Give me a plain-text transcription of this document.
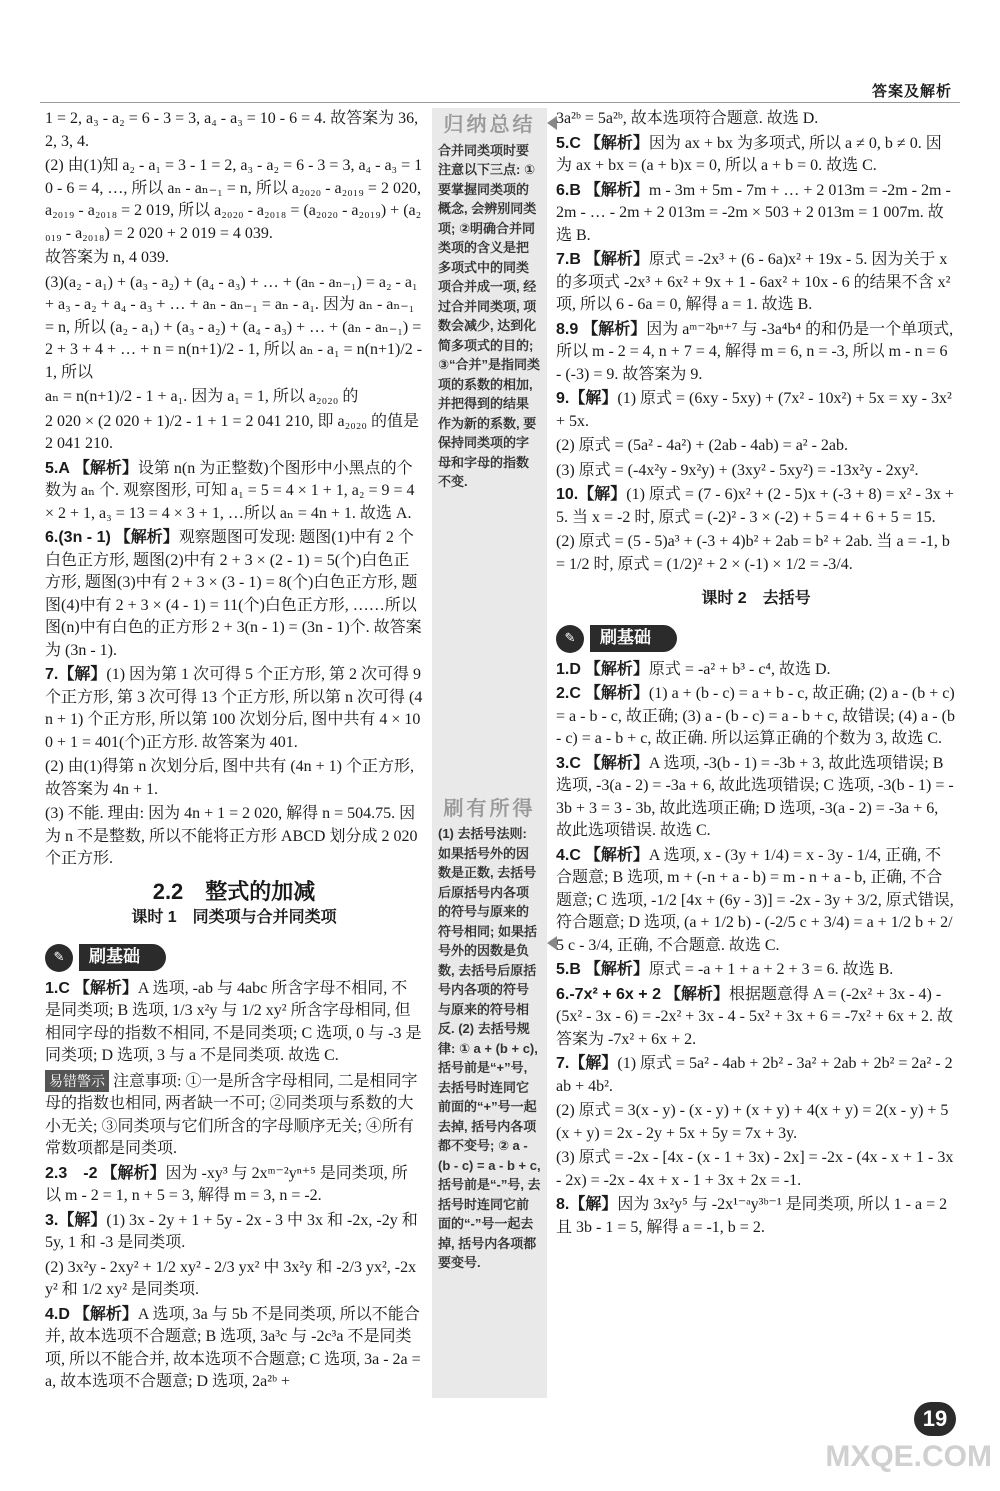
答案及解析

1 = 2, a₃ - a₂ = 6 - 3 = 3, a₄ - a₃ = 10 - 6 = 4. 故答案为 36, 2, 3, 4.

(2) 由(1)知 a₂ - a₁ = 3 - 1 = 2, a₃ - a₂ = 6 - 3 = 3, a₄ - a₃ = 10 - 6 = 4, …, 所以 aₙ - aₙ₋₁ = n, 所以 a₂₀₂₀ - a₂₀₁₉ = 2 020, a₂₀₁₉ - a₂₀₁₈ = 2 019, 所以 a₂₀₂₀ - a₂₀₁₈ = (a₂₀₂₀ - a₂₀₁₉) + (a₂₀₁₉ - a₂₀₁₈) = 2 020 + 2 019 = 4 039.

故答案为 n, 4 039.

(3)(a₂ - a₁) + (a₃ - a₂) + (a₄ - a₃) + … + (aₙ - aₙ₋₁) = a₂ - a₁ + a₃ - a₂ + a₄ - a₃ + … + aₙ - aₙ₋₁ = aₙ - a₁. 因为 aₙ - aₙ₋₁ = n, 所以 (a₂ - a₁) + (a₃ - a₂) + (a₄ - a₃) + … + (aₙ - aₙ₋₁) = 2 + 3 + 4 + … + n = n(n+1)/2 - 1, 所以 aₙ - a₁ = n(n+1)/2 - 1, 所以

aₙ = n(n+1)/2 - 1 + a₁. 因为 a₁ = 1, 所以 a₂₀₂₀ 的

2 020 × (2 020 + 1)/2 - 1 + 1 = 2 041 210, 即 a₂₀₂₀ 的值是 2 041 210.

5.A 【解析】设第 n(n 为正整数)个图形中小黑点的个数为 aₙ 个. 观察图形, 可知 a₁ = 5 = 4 × 1 + 1, a₂ = 9 = 4 × 2 + 1, a₃ = 13 = 4 × 3 + 1, …所以 aₙ = 4n + 1. 故选 A.

6.(3n - 1) 【解析】观察题图可发现: 题图(1)中有 2 个白色正方形, 题图(2)中有 2 + 3 × (2 - 1) = 5(个)白色正方形, 题图(3)中有 2 + 3 × (3 - 1) = 8(个)白色正方形, 题图(4)中有 2 + 3 × (4 - 1) = 11(个)白色正方形, ……所以图(n)中有白色的正方形 2 + 3(n - 1) = (3n - 1)个. 故答案为 (3n - 1).

7.【解】(1) 因为第 1 次可得 5 个正方形, 第 2 次可得 9 个正方形, 第 3 次可得 13 个正方形, 所以第 n 次可得 (4n + 1) 个正方形, 所以第 100 次划分后, 图中共有 4 × 100 + 1 = 401(个)正方形. 故答案为 401.

(2) 由(1)得第 n 次划分后, 图中共有 (4n + 1) 个正方形, 故答案为 4n + 1.

(3) 不能. 理由: 因为 4n + 1 = 2 020, 解得 n = 504.75. 因为 n 不是整数, 所以不能将正方形 ABCD 划分成 2 020 个正方形.

2.2　整式的加减
课时 1　同类项与合并同类项
✎	刷基础

1.C 【解析】A 选项, -ab 与 4abc 所含字母不相同, 不是同类项; B 选项, 1/3 x²y 与 1/2 xy² 所含字母相同, 但相同字母的指数不相同, 不是同类项; C 选项, 0 与 -3 是同类项; D 选项, 3 与 a 不是同类项. 故选 C.

易错警示 注意事项: ①一是所含字母相同, 二是相同字母的指数也相同, 两者缺一不可; ②同类项与系数的大小无关; ③同类项与它们所含的字母顺序无关; ④所有常数项都是同类项.

2.3　-2 【解析】因为 -xy³ 与 2xᵐ⁻²yⁿ⁺⁵ 是同类项, 所以 m - 2 = 1, n + 5 = 3, 解得 m = 3, n = -2.

3.【解】(1) 3x - 2y + 1 + 5y - 2x - 3 中 3x 和 -2x, -2y 和 5y, 1 和 -3 是同类项.

(2) 3x²y - 2xy² + 1/2 xy² - 2/3 yx² 中 3x²y 和 -2/3 yx², -2xy² 和 1/2 xy² 是同类项.

4.D 【解析】A 选项, 3a 与 5b 不是同类项, 所以不能合并, 故本选项不合题意; B 选项, 3a³c 与 -2c³a 不是同类项, 所以不能合并, 故本选项不合题意; C 选项, 3a - 2a = a, 故本选项不合题意; D 选项, 2a²ᵇ +

归纳总结
合并同类项时要注意以下三点: ①要掌握同类项的概念, 会辨别同类项; ②明确合并同类项的含义是把多项式中的同类项合并成一项, 经过合并同类项, 项数会减少, 达到化简多项式的目的; ③“合并”是指同类项的系数的相加, 并把得到的结果作为新的系数, 要保持同类项的字母和字母的指数不变.
刷有所得
(1) 去括号法则: 如果括号外的因数是正数, 去括号后原括号内各项的符号与原来的符号相同; 如果括号外的因数是负数, 去括号后原括号内各项的符号与原来的符号相反. (2) 去括号规律: ① a + (b + c), 括号前是“+”号, 去括号时连同它前面的“+”号一起去掉, 括号内各项都不变号; ② a - (b - c) = a - b + c, 括号前是“-”号, 去括号时连同它前面的“-”号一起去掉, 括号内各项都要变号.

3a²ᵇ = 5a²ᵇ, 故本选项符合题意. 故选 D.

5.C 【解析】因为 ax + bx 为多项式, 所以 a ≠ 0, b ≠ 0. 因为 ax + bx = (a + b)x = 0, 所以 a + b = 0. 故选 C.

6.B 【解析】m - 3m + 5m - 7m + … + 2 013m = -2m - 2m - 2m - … - 2m + 2 013m = -2m × 503 + 2 013m = 1 007m. 故选 B.

7.B 【解析】原式 = -2x³ + (6 - 6a)x² + 19x - 5. 因为关于 x 的多项式 -2x³ + 6x² + 9x + 1 - 6ax² + 10x - 6 的结果不含 x² 项, 所以 6 - 6a = 0, 解得 a = 1. 故选 B.

8.9 【解析】因为 aᵐ⁻²bⁿ⁺⁷ 与 -3a⁴b⁴ 的和仍是一个单项式, 所以 m - 2 = 4, n + 7 = 4, 解得 m = 6, n = -3, 所以 m - n = 6 - (-3) = 9. 故答案为 9.

9.【解】(1) 原式 = (6xy - 5xy) + (7x² - 10x²) + 5x = xy - 3x² + 5x.

(2) 原式 = (5a² - 4a²) + (2ab - 4ab) = a² - 2ab.

(3) 原式 = (-4x²y - 9x²y) + (3xy² - 5xy²) = -13x²y - 2xy².

10.【解】(1) 原式 = (7 - 6)x² + (2 - 5)x + (-3 + 8) = x² - 3x + 5. 当 x = -2 时, 原式 = (-2)² - 3 × (-2) + 5 = 4 + 6 + 5 = 15.

(2) 原式 = (5 - 5)a³ + (-3 + 4)b² + 2ab = b² + 2ab. 当 a = -1, b = 1/2 时, 原式 = (1/2)² + 2 × (-1) × 1/2 = -3/4.

课时 2　去括号
✎	刷基础

1.D 【解析】原式 = -a² + b³ - c⁴, 故选 D.

2.C 【解析】(1) a + (b - c) = a + b - c, 故正确; (2) a - (b + c) = a - b - c, 故正确; (3) a - (b - c) = a - b + c, 故错误; (4) a - (b - c) = a - b + c, 故正确. 所以运算正确的个数为 3, 故选 C.

3.C 【解析】A 选项, -3(b - 1) = -3b + 3, 故此选项错误; B 选项, -3(a - 2) = -3a + 6, 故此选项错误; C 选项, -3(b - 1) = -3b + 3 = 3 - 3b, 故此选项正确; D 选项, -3(a - 2) = -3a + 6, 故此选项错误. 故选 C.

4.C 【解析】A 选项, x - (3y + 1/4) = x - 3y - 1/4, 正确, 不合题意; B 选项, m + (-n + a - b) = m - n + a - b, 正确, 不合题意; C 选项, -1/2 [4x + (6y - 3)] = -2x - 3y + 3/2, 原式错误, 符合题意; D 选项, (a + 1/2 b) - (-2/5 c + 3/4) = a + 1/2 b + 2/5 c - 3/4, 正确, 不合题意. 故选 C.

5.B 【解析】原式 = -a + 1 + a + 2 + 3 = 6. 故选 B.

6.-7x² + 6x + 2 【解析】根据题意得 A = (-2x² + 3x - 4) - (5x² - 3x - 6) = -2x² + 3x - 4 - 5x² + 3x + 6 = -7x² + 6x + 2. 故答案为 -7x² + 6x + 2.

7.【解】(1) 原式 = 5a² - 4ab + 2b² - 3a² + 2ab + 2b² = 2a² - 2ab + 4b².

(2) 原式 = 3(x - y) - (x - y) + (x + y) + 4(x + y) = 2(x - y) + 5(x + y) = 2x - 2y + 5x + 5y = 7x + 3y.

(3) 原式 = -2x - [4x - (x - 1 + 3x) - 2x] = -2x - (4x - x + 1 - 3x - 2x) = -2x - 4x + x - 1 + 3x + 2x = -1.

8.【解】因为 3x²y⁵ 与 -2x¹⁻ᵃy³ᵇ⁻¹ 是同类项, 所以 1 - a = 2 且 3b - 1 = 5, 解得 a = -1, b = 2.

19
MXQE.COM
